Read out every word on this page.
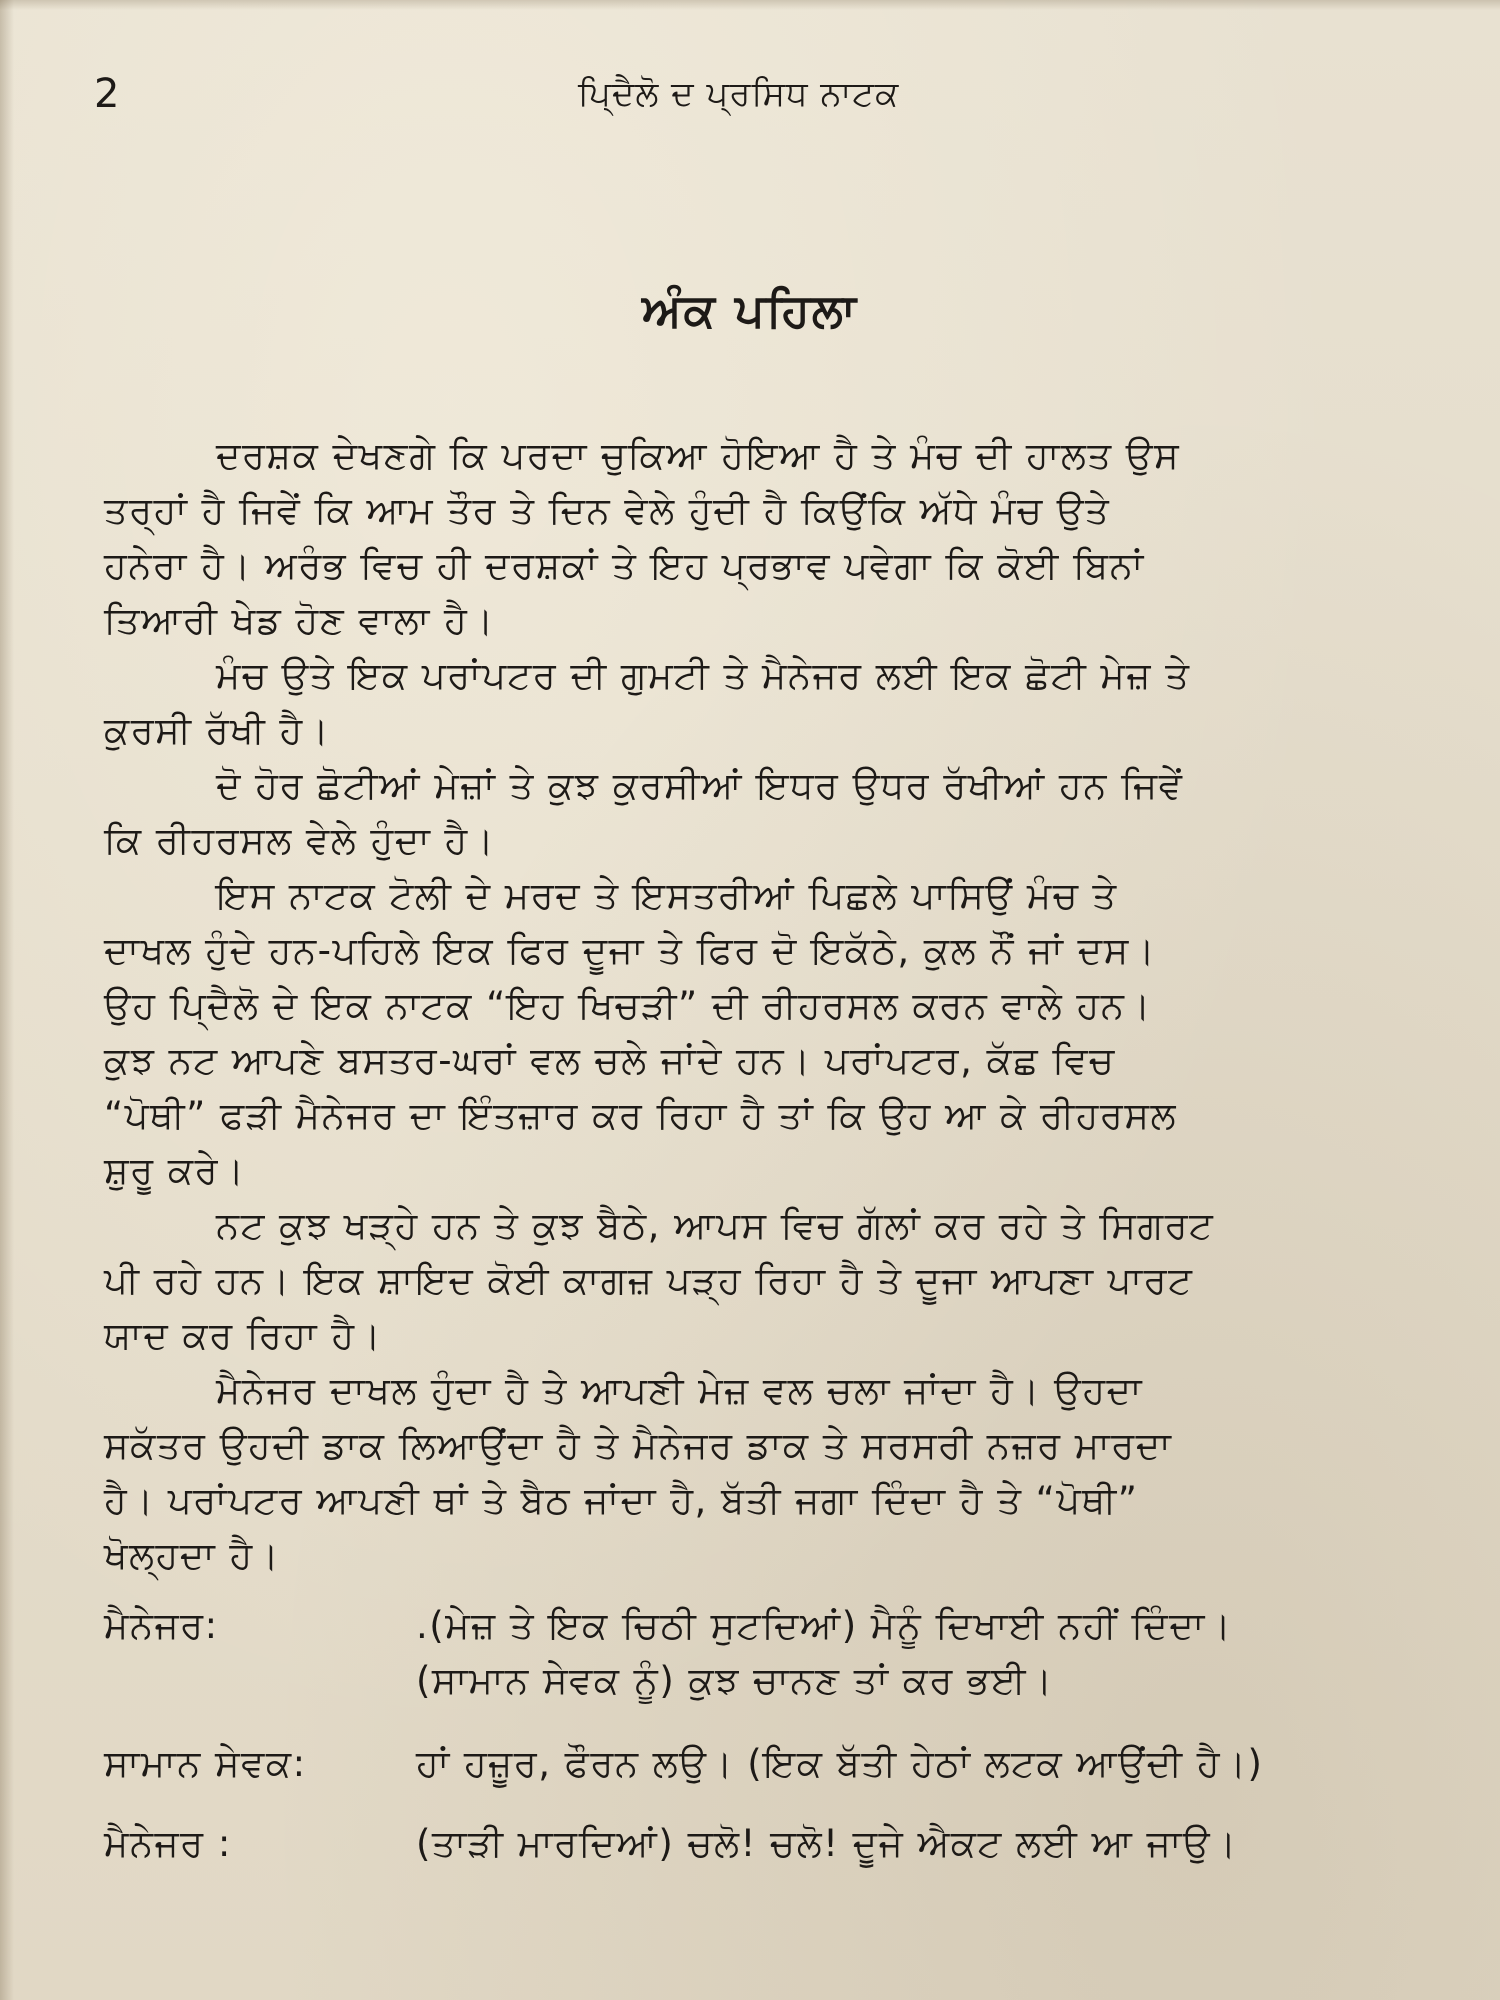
2	ਪਿ੍ਦੈਲੋ ਦ ਪ੍ਰਸਿਧ ਨਾਟਕ
ਅੰਕ ਪਹਿਲਾ

ਦਰਸ਼ਕ ਦੇਖਣਗੇ ਕਿ ਪਰਦਾ ਚੁਕਿਆ ਹੋਇਆ ਹੈ ਤੇ ਮੰਚ ਦੀ ਹਾਲਤ ਉਸ
ਤਰ੍ਹਾਂ ਹੈ ਜਿਵੇਂ ਕਿ ਆਮ ਤੌਰ ਤੇ ਦਿਨ ਵੇਲੇ ਹੁੰਦੀ ਹੈ ਕਿਉਂਕਿ ਅੱਧੇ ਮੰਚ ਉਤੇ
ਹਨੇਰਾ ਹੈ। ਅਰੰਭ ਵਿਚ ਹੀ ਦਰਸ਼ਕਾਂ ਤੇ ਇਹ ਪ੍ਰਭਾਵ ਪਵੇਗਾ ਕਿ ਕੋਈ ਬਿਨਾਂ
ਤਿਆਰੀ ਖੇਡ ਹੋਣ ਵਾਲਾ ਹੈ।

ਮੰਚ ਉਤੇ ਇਕ ਪਰਾਂਪਟਰ ਦੀ ਗੁਮਟੀ ਤੇ ਮੈਨੇਜਰ ਲਈ ਇਕ ਛੋਟੀ ਮੇਜ਼ ਤੇ
ਕੁਰਸੀ ਰੱਖੀ ਹੈ।

ਦੋ ਹੋਰ ਛੋਟੀਆਂ ਮੇਜ਼ਾਂ ਤੇ ਕੁਝ ਕੁਰਸੀਆਂ ਇਧਰ ਉਧਰ ਰੱਖੀਆਂ ਹਨ ਜਿਵੇਂ
ਕਿ ਰੀਹਰਸਲ ਵੇਲੇ ਹੁੰਦਾ ਹੈ।

ਇਸ ਨਾਟਕ ਟੋਲੀ ਦੇ ਮਰਦ ਤੇ ਇਸਤਰੀਆਂ ਪਿਛਲੇ ਪਾਸਿਉਂ ਮੰਚ ਤੇ
ਦਾਖਲ ਹੁੰਦੇ ਹਨ-ਪਹਿਲੇ ਇਕ ਫਿਰ ਦੂਜਾ ਤੇ ਫਿਰ ਦੋ ਇਕੱਠੇ, ਕੁਲ ਨੌਂ ਜਾਂ ਦਸ।
ਉਹ ਪਿ੍ਦੈਲੋ ਦੇ ਇਕ ਨਾਟਕ “ਇਹ ਖਿਚੜੀ” ਦੀ ਰੀਹਰਸਲ ਕਰਨ ਵਾਲੇ ਹਨ।
ਕੁਝ ਨਟ ਆਪਣੇ ਬਸਤਰ-ਘਰਾਂ ਵਲ ਚਲੇ ਜਾਂਦੇ ਹਨ। ਪਰਾਂਪਟਰ, ਕੱਛ ਵਿਚ
“ਪੋਥੀ” ਫੜੀ ਮੈਨੇਜਰ ਦਾ ਇੰਤਜ਼ਾਰ ਕਰ ਰਿਹਾ ਹੈ ਤਾਂ ਕਿ ਉਹ ਆ ਕੇ ਰੀਹਰਸਲ
ਸ਼ੁਰੂ ਕਰੇ।

ਨਟ ਕੁਝ ਖੜ੍ਹੇ ਹਨ ਤੇ ਕੁਝ ਬੈਠੇ, ਆਪਸ ਵਿਚ ਗੱਲਾਂ ਕਰ ਰਹੇ ਤੇ ਸਿਗਰਟ
ਪੀ ਰਹੇ ਹਨ। ਇਕ ਸ਼ਾਇਦ ਕੋਈ ਕਾਗਜ਼ ਪੜ੍ਹ ਰਿਹਾ ਹੈ ਤੇ ਦੂਜਾ ਆਪਣਾ ਪਾਰਟ
ਯਾਦ ਕਰ ਰਿਹਾ ਹੈ।

ਮੈਨੇਜਰ ਦਾਖਲ ਹੁੰਦਾ ਹੈ ਤੇ ਆਪਣੀ ਮੇਜ਼ ਵਲ ਚਲਾ ਜਾਂਦਾ ਹੈ। ਉਹਦਾ
ਸਕੱਤਰ ਉਹਦੀ ਡਾਕ ਲਿਆਉਂਦਾ ਹੈ ਤੇ ਮੈਨੇਜਰ ਡਾਕ ਤੇ ਸਰਸਰੀ ਨਜ਼ਰ ਮਾਰਦਾ
ਹੈ। ਪਰਾਂਪਟਰ ਆਪਣੀ ਥਾਂ ਤੇ ਬੈਠ ਜਾਂਦਾ ਹੈ, ਬੱਤੀ ਜਗਾ ਦਿੰਦਾ ਹੈ ਤੇ “ਪੋਥੀ”
ਖੋਲ੍ਹਦਾ ਹੈ।

ਮੈਨੇਜਰ:	.(ਮੇਜ਼ ਤੇ ਇਕ ਚਿਠੀ ਸੁਟਦਿਆਂ) ਮੈਨੂੰ ਦਿਖਾਈ ਨਹੀਂ ਦਿੰਦਾ।
(ਸਾਮਾਨ ਸੇਵਕ ਨੂੰ) ਕੁਝ ਚਾਨਣ ਤਾਂ ਕਰ ਭਈ।
ਸਾਮਾਨ ਸੇਵਕ:	ਹਾਂ ਹਜ਼ੂਰ, ਫੌਰਨ ਲਉ। (ਇਕ ਬੱਤੀ ਹੇਠਾਂ ਲਟਕ ਆਉਂਦੀ ਹੈ।)
ਮੈਨੇਜਰ :	(ਤਾੜੀ ਮਾਰਦਿਆਂ) ਚਲੋ! ਚਲੋ! ਦੂਜੇ ਐਕਟ ਲਈ ਆ ਜਾਉ।
